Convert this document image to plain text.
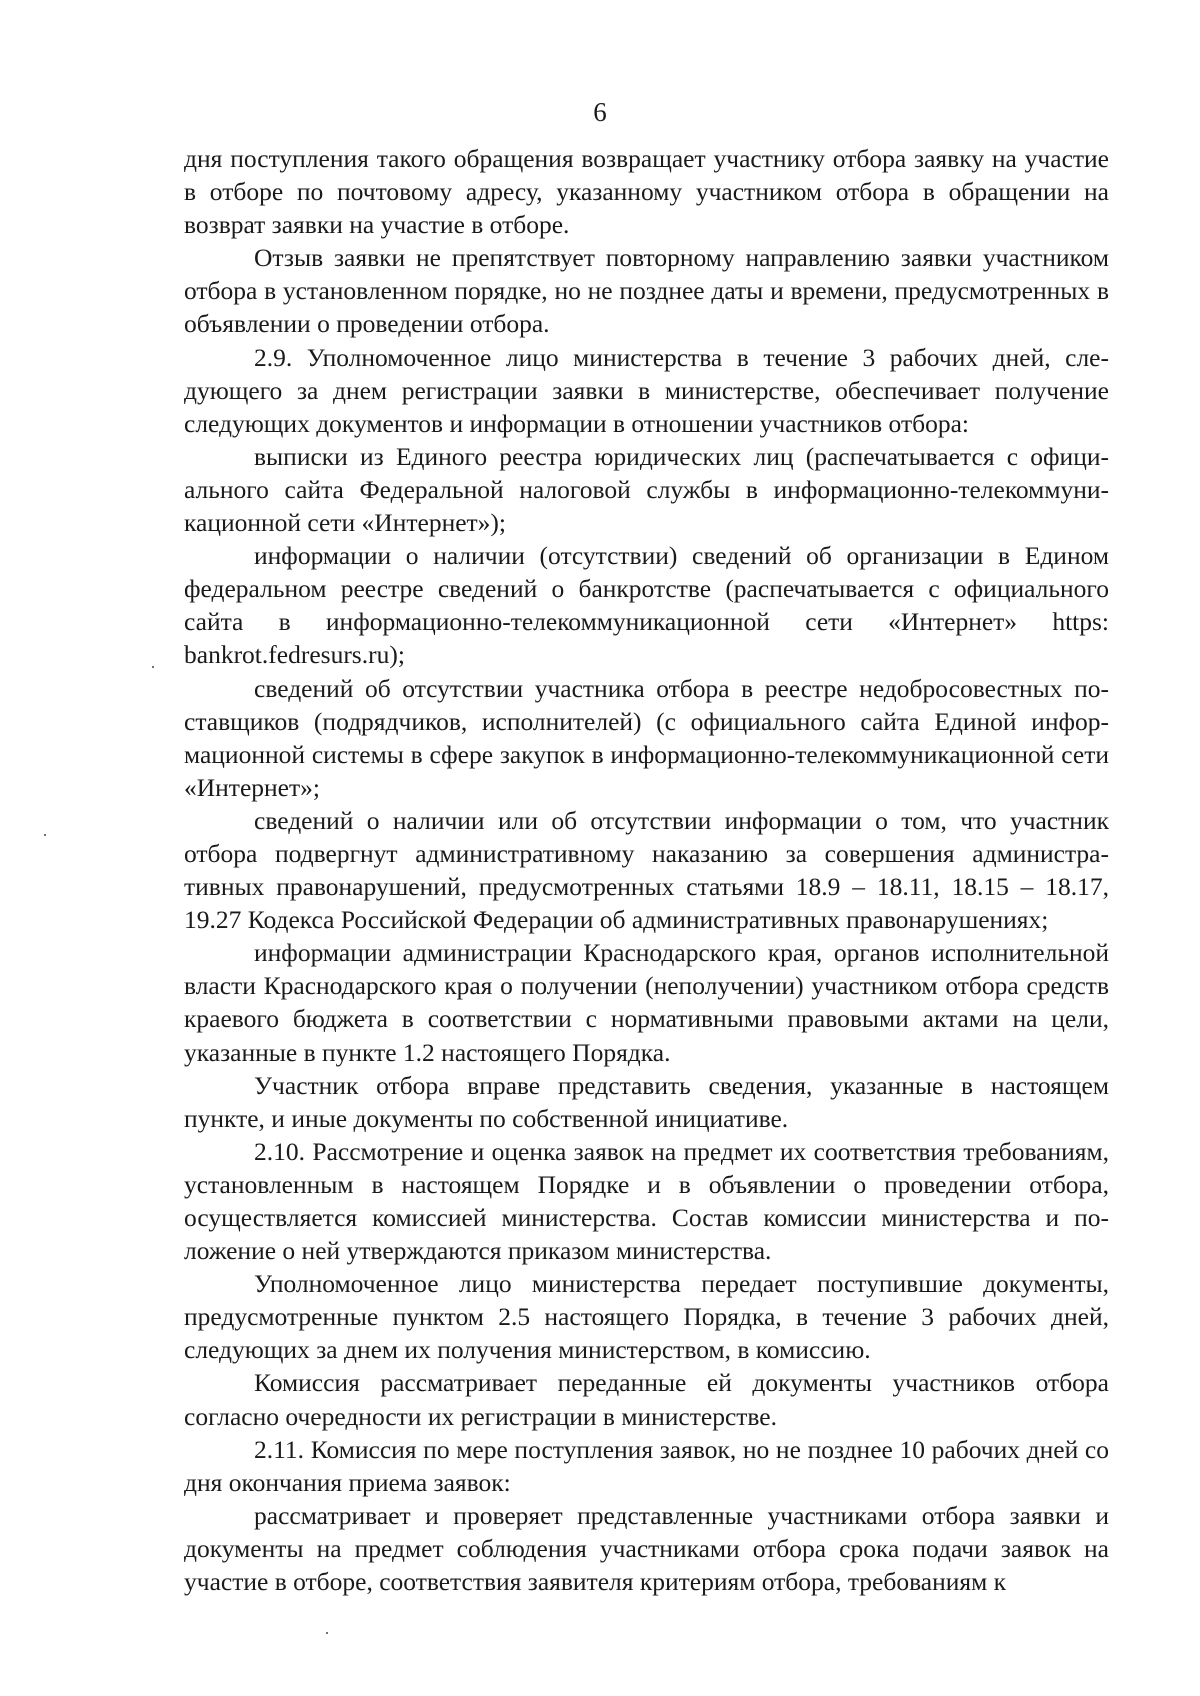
6

дня поступления такого обращения возвращает участнику отбора заявку на участие в отборе по почтовому адресу, указанному участником отбора в обращении на возврат заявки на участие в отборе.

Отзыв заявки не препятствует повторному направлению заявки участником отбора в установленном порядке, но не позднее даты и времени, предусмотренных в объявлении о проведении отбора.

2.9. Уполномоченное лицо министерства в течение 3 рабочих дней, следующего за днем регистрации заявки в министерстве, обеспечивает получение следующих документов и информации в отношении участников отбора:

выписки из Единого реестра юридических лиц (распечатывается с официального сайта Федеральной налоговой службы в информационно-телекоммуникационной сети «Интернет»);

информации о наличии (отсутствии) сведений об организации в Едином федеральном реестре сведений о банкротстве (распечатывается с официального сайта в информационно-телекоммуникационной сети «Интернет» https: bankrot.fedresurs.ru);

сведений об отсутствии участника отбора в реестре недобросовестных поставщиков (подрядчиков, исполнителей) (с официального сайта Единой информационной системы в сфере закупок в информационно-телекоммуникационной сети «Интернет»;

сведений о наличии или об отсутствии информации о том, что участник отбора подвергнут административному наказанию за совершения административных правонарушений, предусмотренных статьями 18.9 – 18.11, 18.15 – 18.17, 19.27 Кодекса Российской Федерации об административных правонарушениях;

информации администрации Краснодарского края, органов исполнительной власти Краснодарского края о получении (неполучении) участником отбора средств краевого бюджета в соответствии с нормативными правовыми актами на цели, указанные в пункте 1.2 настоящего Порядка.

Участник отбора вправе представить сведения, указанные в настоящем пункте, и иные документы по собственной инициативе.

2.10. Рассмотрение и оценка заявок на предмет их соответствия требованиям, установленным в настоящем Порядке и в объявлении о проведении отбора, осуществляется комиссией министерства. Состав комиссии министерства и положение о ней утверждаются приказом министерства.

Уполномоченное лицо министерства передает поступившие документы, предусмотренные пунктом 2.5 настоящего Порядка, в течение 3 рабочих дней, следующих за днем их получения министерством, в комиссию.

Комиссия рассматривает переданные ей документы участников отбора согласно очередности их регистрации в министерстве.

2.11. Комиссия по мере поступления заявок, но не позднее 10 рабочих дней со дня окончания приема заявок:

рассматривает и проверяет представленные участниками отбора заявки и документы на предмет соблюдения участниками отбора срока подачи заявок на участие в отборе, соответствия заявителя критериям отбора, требованиям к
